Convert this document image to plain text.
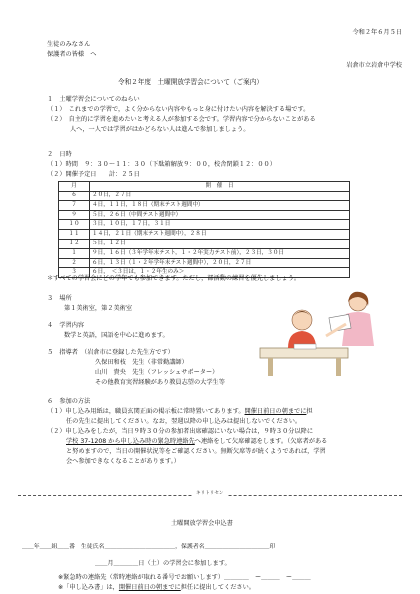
令和２年６月５日
生徒のみなさん
保護者の皆様　へ
岩倉市立岩倉中学校
令和２年度　土曜開放学習会について（ご案内）
１　土曜学習会についてのねらい
（１）　これまでの学習で，よく分からない内容やもっと身に付けたい内容を解決する場です。
（２）　自主的に学習を進めたいと考える人が参加する会です。学習内容で分からないことがある
人へ，一人では学習がはかどらない人は進んで参加しましょう。
２　日時
（１）時間　９：３０～１１：３０（下駄箱解放９：００，校舎閉鎖１２：００）
（２）開催予定日　　計：２５日
月	開　催　日
６	２０日，２７日
７	４日，１１日，１８日（期末テスト週間中）
９	５日，２６日（中間テスト週間中）
１０	３日，１０日，１７日，３１日
１１	１４日，２１日（期末テスト週間中），２８日
１２	５日，１２日
１	９日，１６日（３年学年末テスト，１・２年実力テスト前），２３日，３０日
２	６日，１３日（１・２年学年末テスト週間中），２０日，２７日
３	６日，　＜３日は，１・２年生のみ＞
＊すべての学習会にどの学年でも参加できます。ただし，部活動の練習を優先しましょう。
３　場所
第１美術室，第２美術室
４　学習内容
数学と英語，国語を中心に進めます。
５　指導者　（岩倉市に登録した先生方です）
久保田和枝　先生（非常勤講師）
山川　貴央　先生（フレッシュサポーター）
その他教育実習経験があり教員志望の大学生等
６　参加の方法
（１）申し込み用紙は，職員玄関正面の掲示板に常時置いてあります。開催日前日の朝までに担
任の先生に提出してください。なお，翌週以降の申し込みは提出しないでください。
（２）申し込みをしたが，当日９時３０分の参加者出席確認にいない場合は，９時３０分以降に
学校 37-1208 から申し込み時の緊急時連絡先へ連絡をして欠席確認をします。（欠席者がある
と努めますので，当日の開催状況等をご確認ください。無断欠席等が続くようであれば，学習
会へ参加できなくなることがあります。）
キリトリセン
土曜開放学習会申込書
＿＿年＿＿組＿＿番　生徒氏名＿＿＿＿＿＿＿＿＿＿＿＿，保護者名＿＿＿＿＿＿＿＿＿＿＿印
＿＿月＿＿＿＿日（土）の学習会に参加します。
※緊急時の連絡先（常時連絡が取れる番号でお願いします）＿＿＿＿　ー＿＿＿　ー＿＿＿
※「申し込み書」は，開催日前日の朝までに担任に提出してください。
